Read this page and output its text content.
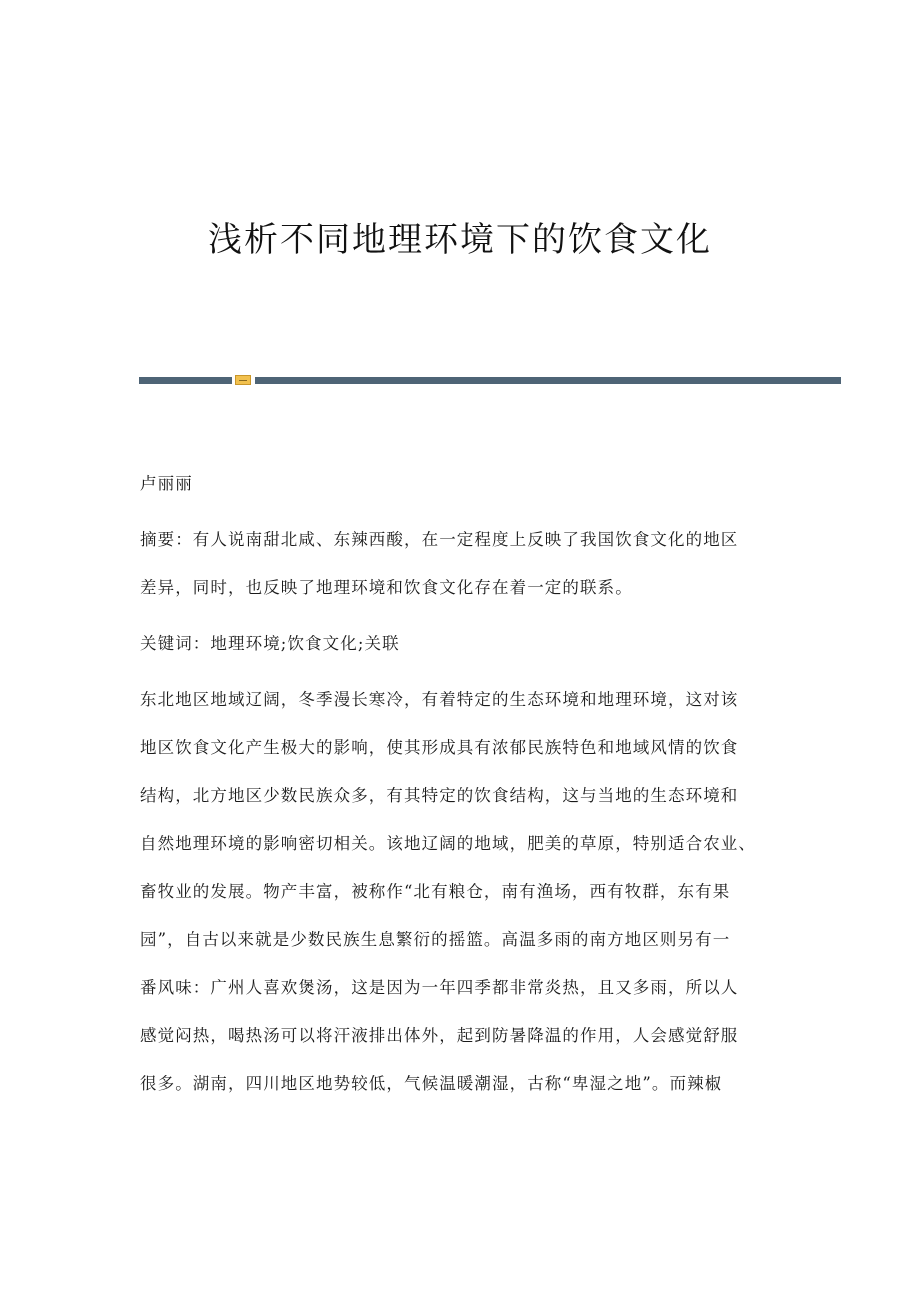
浅析不同地理环境下的饮食文化
卢丽丽
摘要：有人说南甜北咸、东辣西酸，在一定程度上反映了我国饮食文化的地区
差异，同时，也反映了地理环境和饮食文化存在着一定的联系。
关键词：地理环境;饮食文化;关联
东北地区地域辽阔，冬季漫长寒冷，有着特定的生态环境和地理环境，这对该
地区饮食文化产生极大的影响，使其形成具有浓郁民族特色和地域风情的饮食
结构，北方地区少数民族众多，有其特定的饮食结构，这与当地的生态环境和
自然地理环境的影响密切相关。该地辽阔的地域，肥美的草原，特别适合农业、
畜牧业的发展。物产丰富，被称作“北有粮仓，南有渔场，西有牧群，东有果
园”，自古以来就是少数民族生息繁衍的摇篮。高温多雨的南方地区则另有一
番风味：广州人喜欢煲汤，这是因为一年四季都非常炎热，且又多雨，所以人
感觉闷热，喝热汤可以将汗液排出体外，起到防暑降温的作用，人会感觉舒服
很多。湖南，四川地区地势较低，气候温暖潮湿，古称“卑湿之地”。而辣椒
